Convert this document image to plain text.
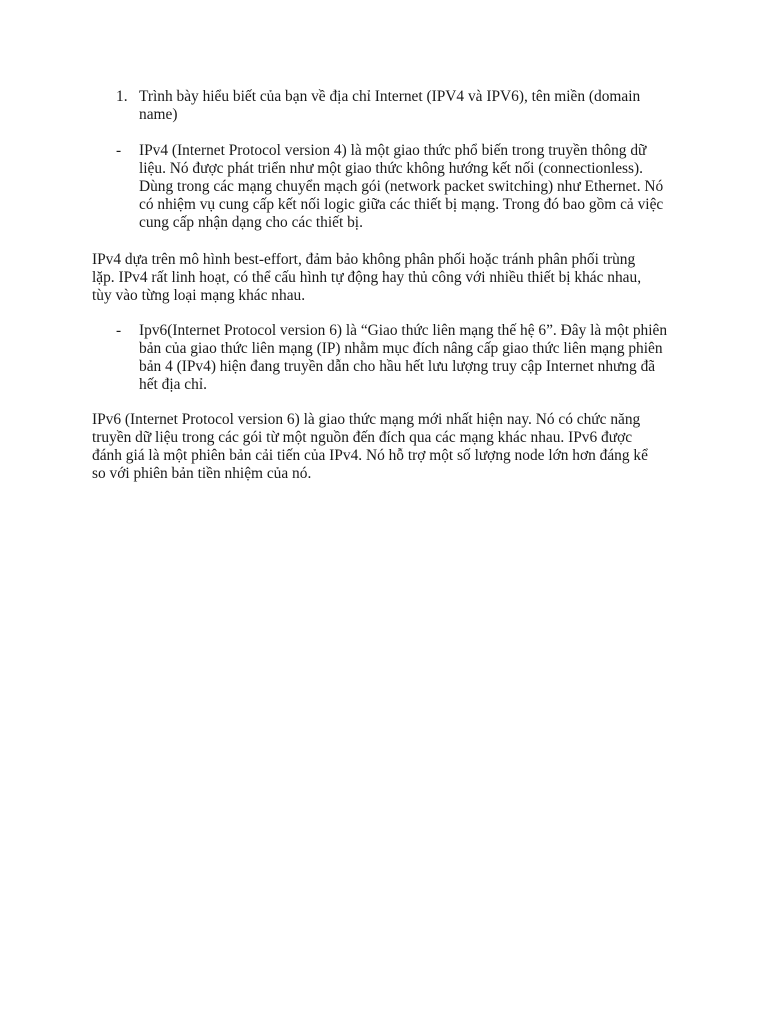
1. Trình bày hiểu biết của bạn về địa chỉ Internet (IPV4 và IPV6), tên miền (domain name)
- IPv4 (Internet Protocol version 4) là một giao thức phổ biến trong truyền thông dữ liệu. Nó được phát triển như một giao thức không hướng kết nối (connectionless). Dùng trong các mạng chuyển mạch gói (network packet switching) như Ethernet. Nó có nhiệm vụ cung cấp kết nối logic giữa các thiết bị mạng. Trong đó bao gồm cả việc cung cấp nhận dạng cho các thiết bị.
IPv4 dựa trên mô hình best-effort, đảm bảo không phân phối hoặc tránh phân phối trùng lặp. IPv4 rất linh hoạt, có thể cấu hình tự động hay thủ công với nhiều thiết bị khác nhau, tùy vào từng loại mạng khác nhau.
- Ipv6(Internet Protocol version 6) là “Giao thức liên mạng thế hệ 6”. Đây là một phiên bản của giao thức liên mạng (IP) nhằm mục đích nâng cấp giao thức liên mạng phiên bản 4 (IPv4) hiện đang truyền dẫn cho hầu hết lưu lượng truy cập Internet nhưng đã hết địa chỉ.
IPv6 (Internet Protocol version 6) là giao thức mạng mới nhất hiện nay. Nó có chức năng truyền dữ liệu trong các gói từ một nguồn đến đích qua các mạng khác nhau. IPv6 được đánh giá là một phiên bản cải tiến của IPv4. Nó hỗ trợ một số lượng node lớn hơn đáng kể so với phiên bản tiền nhiệm của nó.
